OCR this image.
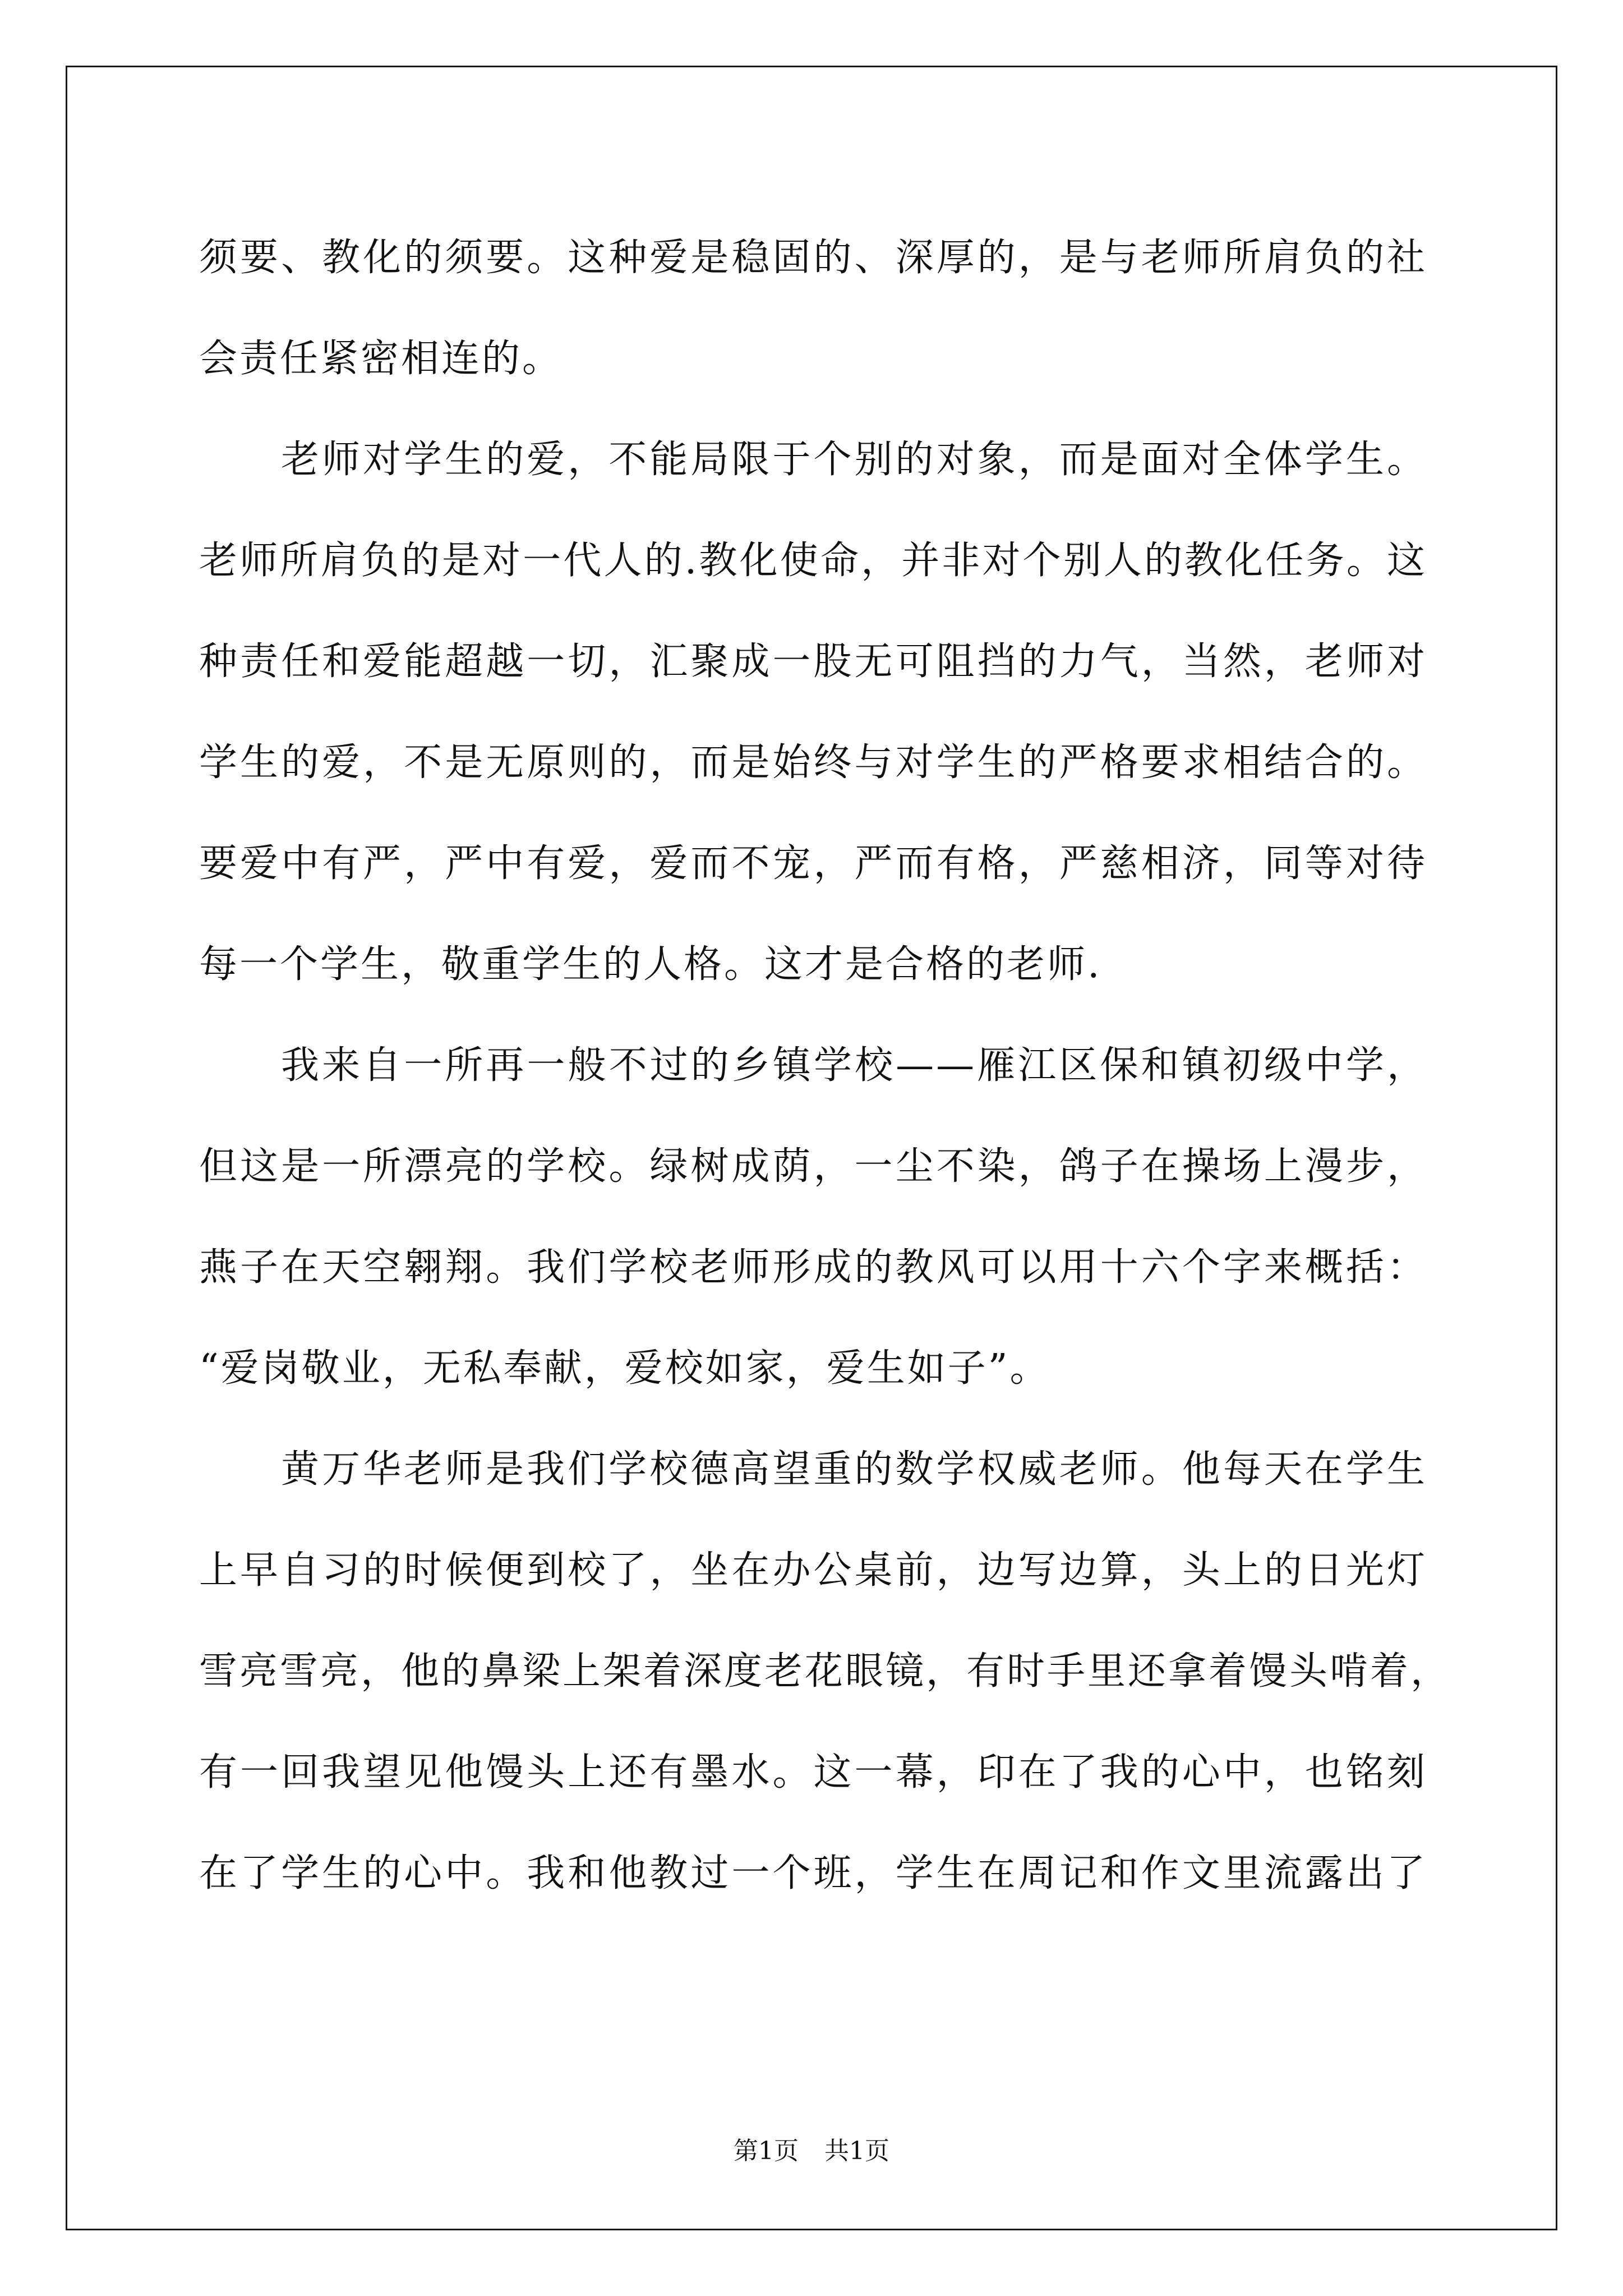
须要、教化的须要。这种爱是稳固的、深厚的，是与老师所肩负的社
会责任紧密相连的。
老师对学生的爱，不能局限于个别的对象，而是面对全体学生。
老师所肩负的是对一代人的.教化使命，并非对个别人的教化任务。这
种责任和爱能超越一切，汇聚成一股无可阻挡的力气，当然，老师对
学生的爱，不是无原则的，而是始终与对学生的严格要求相结合的。
要爱中有严，严中有爱，爱而不宠，严而有格，严慈相济，同等对待
每一个学生，敬重学生的人格。这才是合格的老师.
我来自一所再一般不过的乡镇学校——雁江区保和镇初级中学，
但这是一所漂亮的学校。绿树成荫，一尘不染，鸽子在操场上漫步，
燕子在天空翱翔。我们学校老师形成的教风可以用十六个字来概括：
“爱岗敬业，无私奉献，爱校如家，爱生如子”。
黄万华老师是我们学校德高望重的数学权威老师。他每天在学生
上早自习的时候便到校了，坐在办公桌前，边写边算，头上的日光灯
雪亮雪亮，他的鼻梁上架着深度老花眼镜，有时手里还拿着馒头啃着，
有一回我望见他馒头上还有墨水。这一幕，印在了我的心中，也铭刻
在了学生的心中。我和他教过一个班，学生在周记和作文里流露出了
第1页 共1页
